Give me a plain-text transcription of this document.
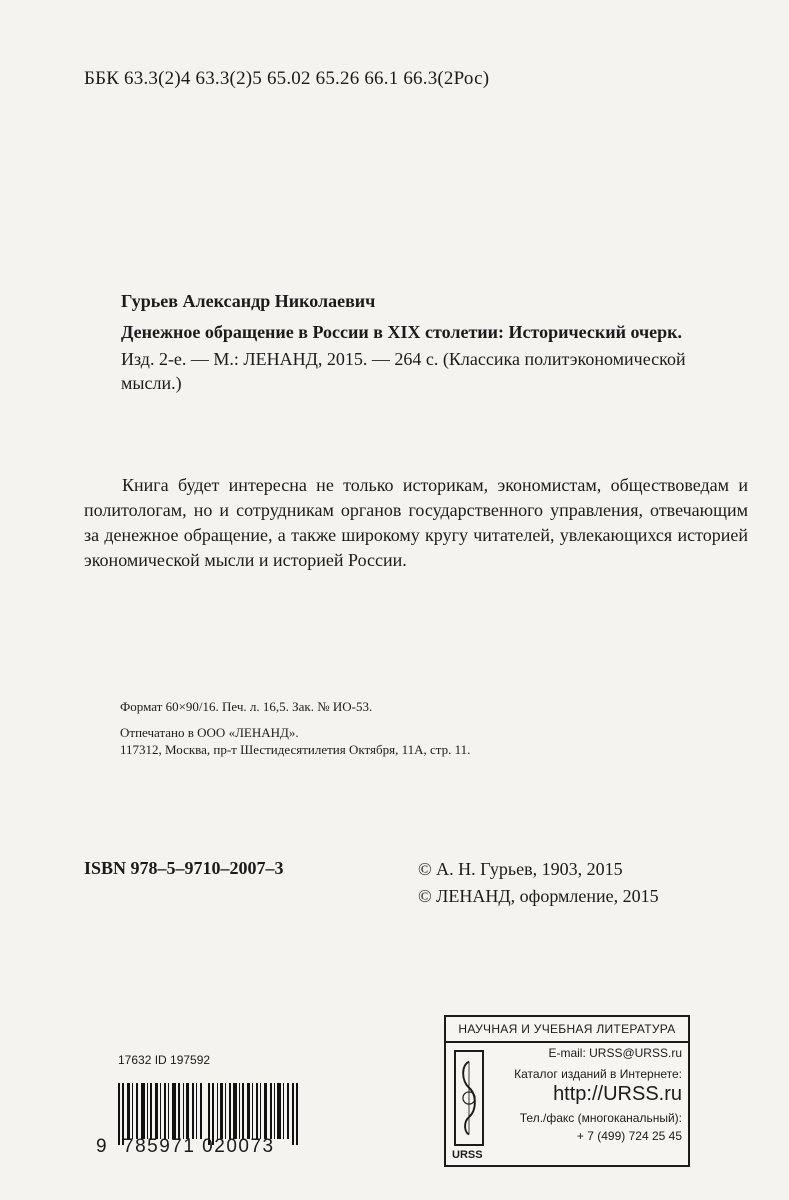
ББК 63.3(2)4 63.3(2)5 65.02 65.26 66.1 66.3(2Рос)
Гурьев Александр Николаевич
Денежное обращение в России в XIX столетии: Исторический очерк.
Изд. 2-е. — М.: ЛЕНАНД, 2015. — 264 с. (Классика политэкономической мысли.)

Книга будет интересна не только историкам, экономистам, обществоведам и политологам, но и сотрудникам органов государственного управления, отвечающим за денежное обращение, а также широкому кругу читателей, увлекающихся историей экономической мысли и историей России.

Формат 60×90/16. Печ. л. 16,5. Зак. № ИО-53.
Отпечатано в ООО «ЛЕНАНД».
117312, Москва, пр-т Шестидесятилетия Октября, 11А, стр. 11.
ISBN 978–5–9710–2007–3	© А. Н. Гурьев, 1903, 2015
© ЛЕНАНД, оформление, 2015
17632 ID 197592
9 785971 020073
НАУЧНАЯ И УЧЕБНАЯ ЛИТЕРАТУРА
URSS
E-mail: URSS@URSS.ru
Каталог изданий в Интернете:
http://URSS.ru
Тел./факс (многоканальный):
+ 7 (499) 724 25 45
